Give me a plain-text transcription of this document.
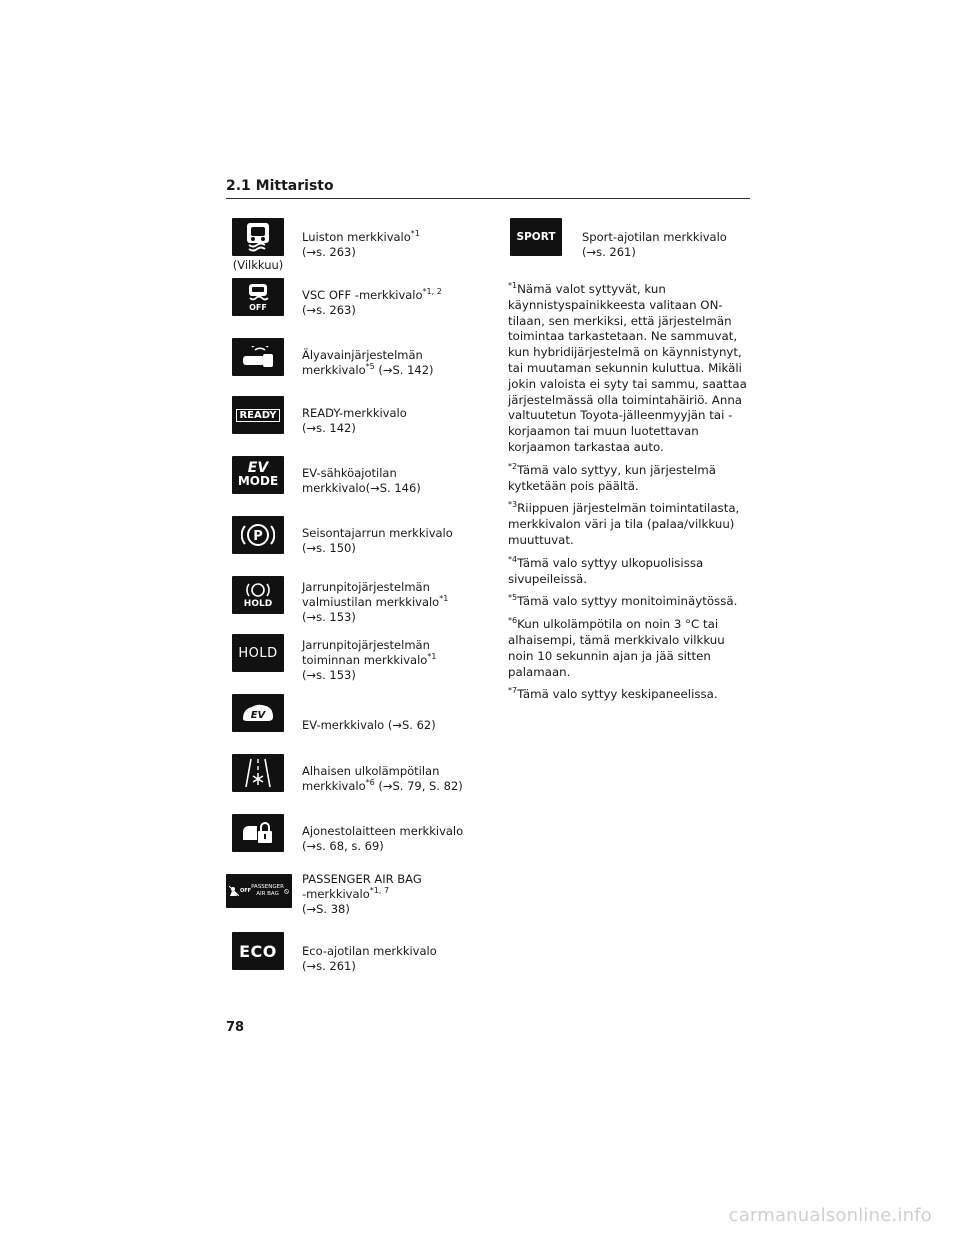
2.1 Mittaristo
(Vilkkuu)
Luiston merkkivalo$^{*1}$
(→s. 263)
OFF
VSC OFF -merkkivalo$^{*1, 2}$
(→s. 263)
Älyavainjärjestelmän
merkkivalo$^{*5}$ (→S. 142)
READY READY-merkkivalo
(→s. 142)
EV
MODE
EV-sähköajotilan
merkkivalo(→S. 146)
P	Seisontajarrun merkkivalo
(→s. 150)
HOLD
Jarrunpitojärjestelmän
valmiustilan merkkivalo$^{*1}$
(→s. 153)
HOLD
Jarrunpitojärjestelmän
toiminnan merkkivalo$^{*1}$
(→s. 153)
EV
EV-merkkivalo (→S. 62)
Alhaisen ulkolämpötilan
merkkivalo$^{*6}$ (→S. 79, S. 82)
Ajonestolaitteen merkkivalo
(→s. 68, s. 69)
OFF
PASSENGER
AIR BAG
PASSENGER AIR BAG
-merkkivalo$^{*1, 7}$
(→S. 38)
ECO Eco-ajotilan merkkivalo
(→s. 261)
SPORT Sport-ajotilan merkkivalo
(→s. 261)

$^{*1}$Nämä valot syttyvät, kun käynnistyspainikkeesta valitaan ON-tilaan, sen merkiksi, että järjestelmän toimintaa tarkastetaan. Ne sammuvat, kun hybridijärjestelmä on käynnistynyt, tai muutaman sekunnin kuluttua. Mikäli jokin valoista ei syty tai sammu, saattaa järjestelmässä olla toimintahäiriö. Anna valtuutetun Toyota-jälleenmyyjän tai -korjaamon tai muun luotettavan korjaamon tarkastaa auto.

$^{*2}$Tämä valo syttyy, kun järjestelmä kytketään pois päältä.

$^{*3}$Riippuen järjestelmän toimintatilasta, merkkivalon väri ja tila (palaa/vilkkuu) muuttuvat.

$^{*4}$Tämä valo syttyy ulkopuolisissa sivupeileissä.

$^{*5}$Tämä valo syttyy monitoiminäytössä.

$^{*6}$Kun ulkolämpötila on noin 3 °C tai alhaisempi, tämä merkkivalo vilkkuu noin 10 sekunnin ajan ja jää sitten palamaan.

$^{*7}$Tämä valo syttyy keskipaneelissa.

78
carmanualsonline.info
